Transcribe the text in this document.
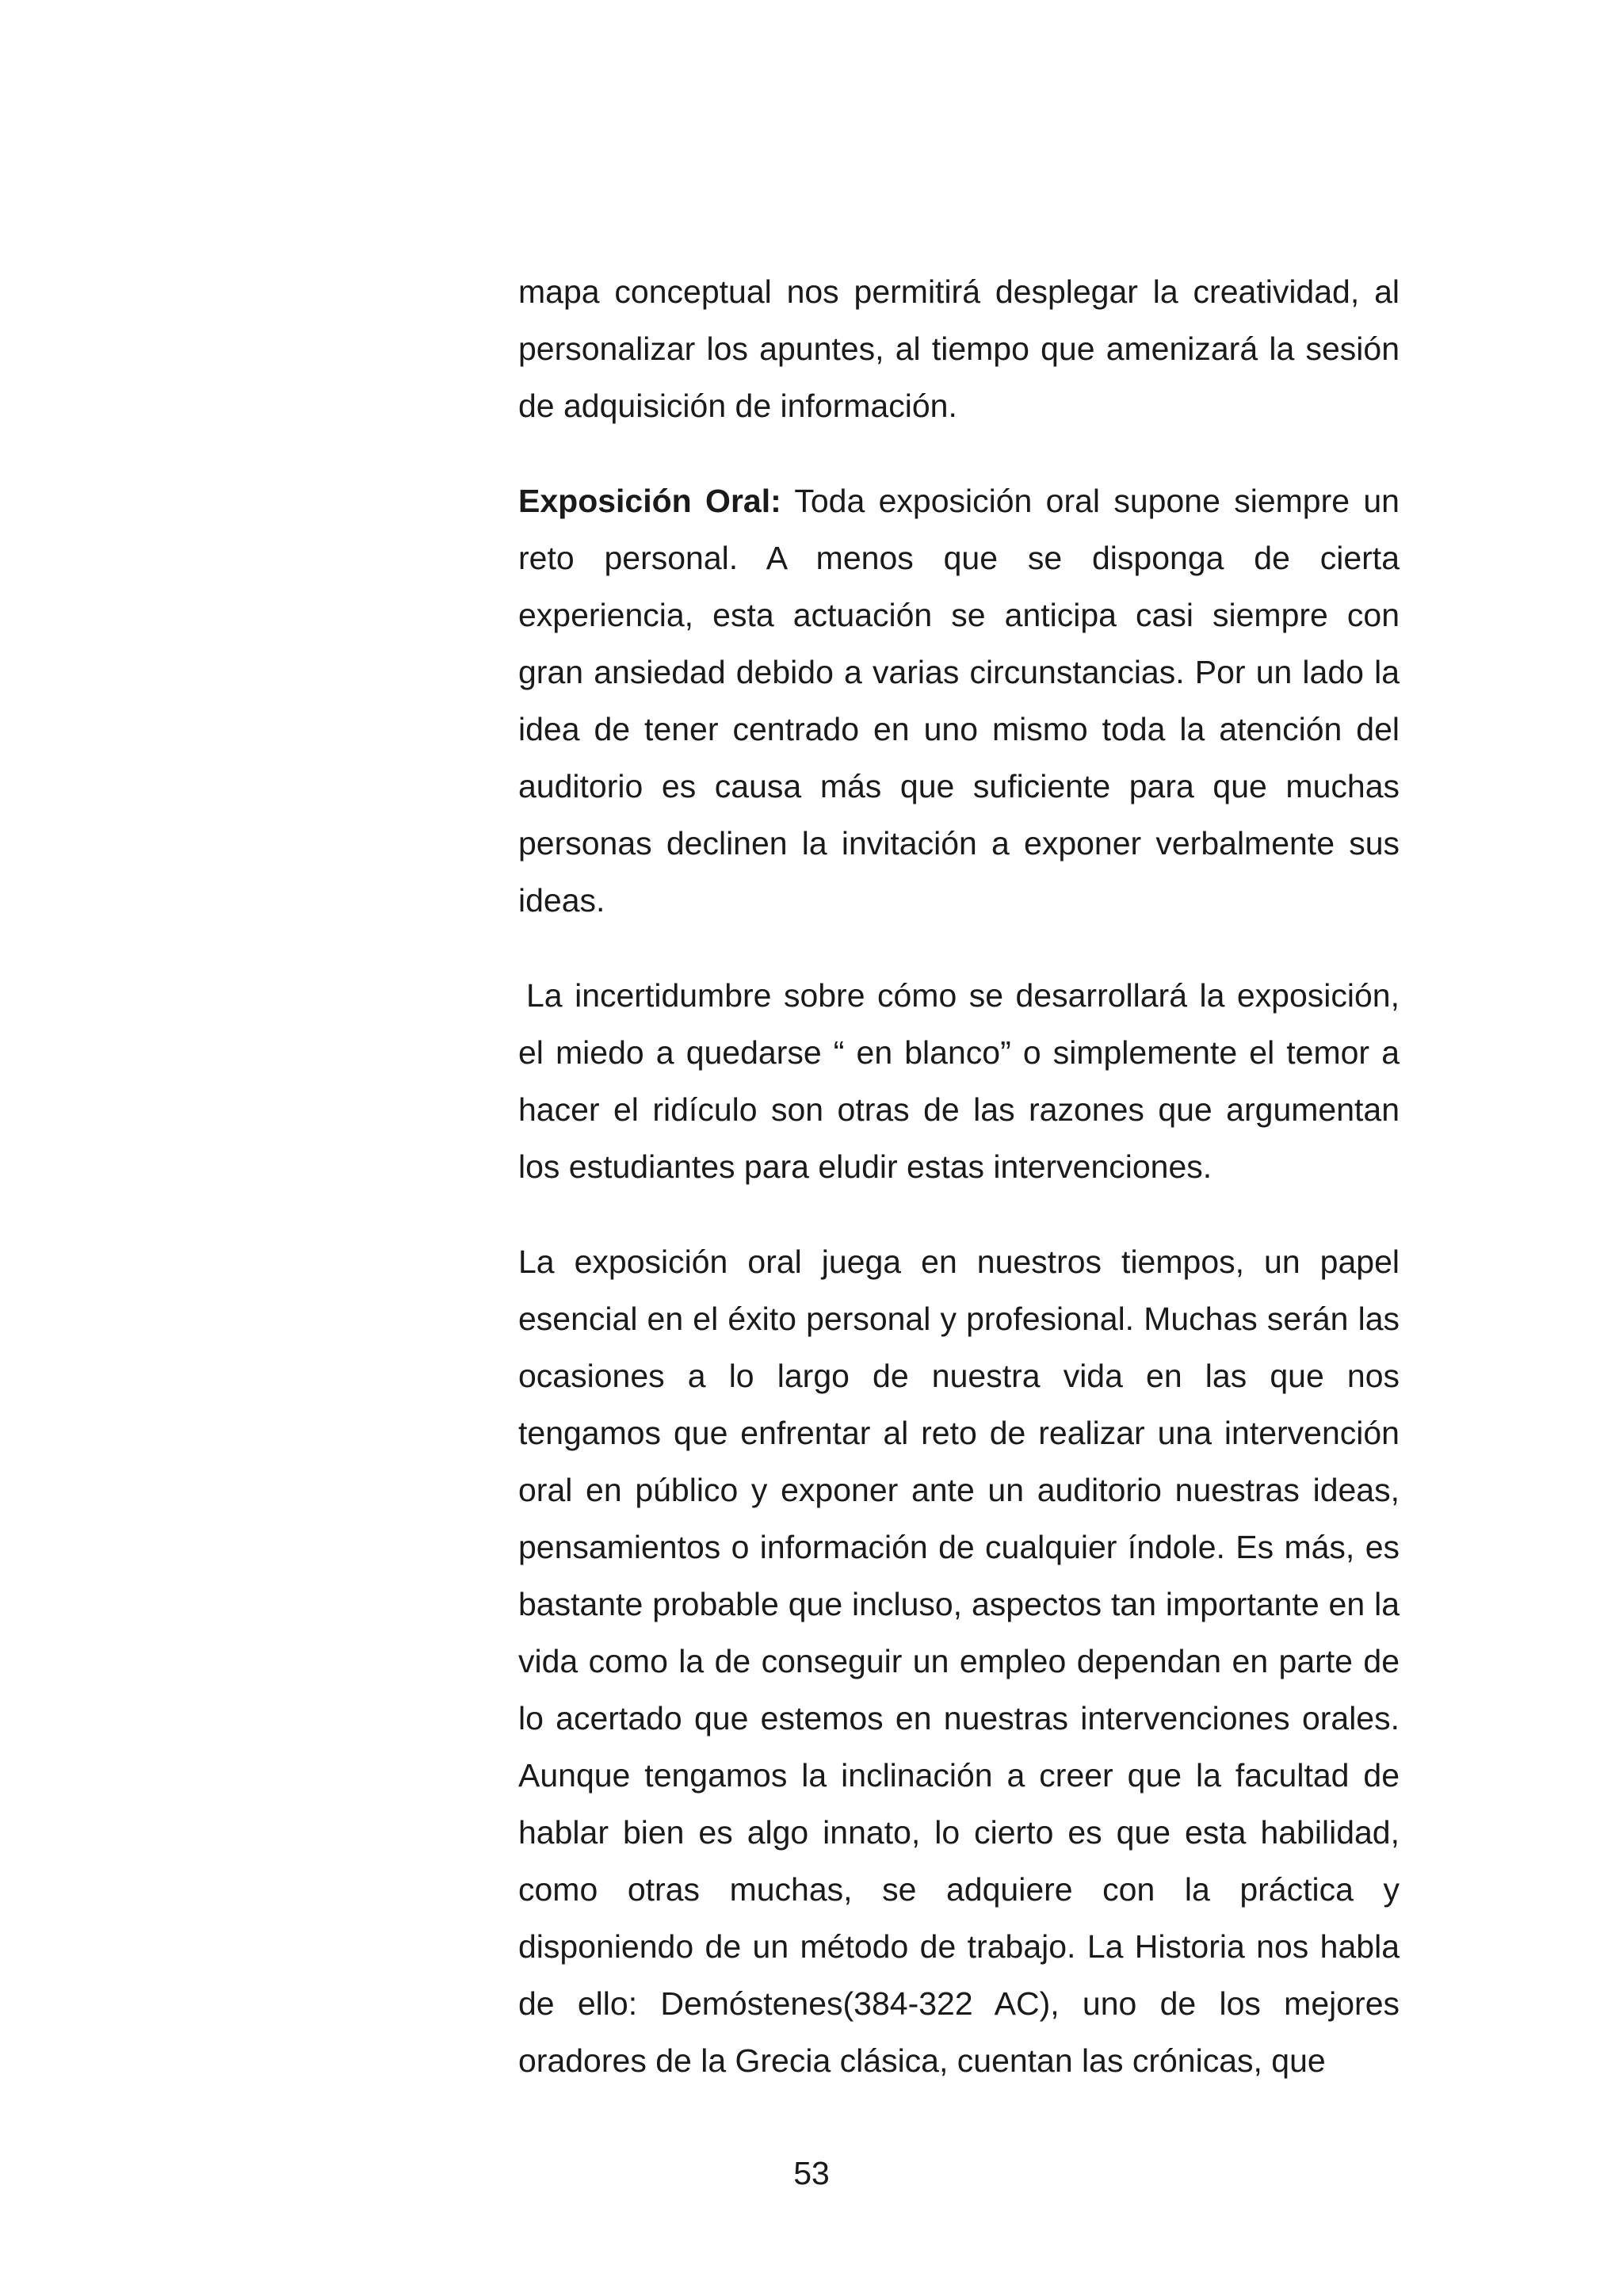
mapa conceptual nos permitirá desplegar la creatividad, al personalizar los apuntes, al tiempo que amenizará la sesión de adquisición de información.

Exposición Oral: Toda exposición oral supone siempre un reto personal. A menos que se disponga de cierta experiencia, esta actuación se anticipa casi siempre con gran ansiedad debido a varias circunstancias. Por un lado la idea de tener centrado en uno mismo toda la atención del auditorio es causa más que suficiente para que muchas personas declinen la invitación a exponer verbalmente sus ideas.

La incertidumbre sobre cómo se desarrollará la exposición, el miedo a quedarse “ en blanco” o simplemente el temor a hacer el ridículo son otras de las razones que argumentan los estudiantes para eludir estas intervenciones.

La exposición oral juega en nuestros tiempos, un papel esencial en el éxito personal y profesional. Muchas serán las ocasiones a lo largo de nuestra vida en las que nos tengamos que enfrentar al reto de realizar una intervención oral en público y exponer ante un auditorio nuestras ideas, pensamientos o información de cualquier índole. Es más, es bastante probable que incluso, aspectos tan importante en la vida como la de conseguir un empleo dependan en parte de lo acertado que estemos en nuestras intervenciones orales. Aunque tengamos la inclinación a creer que la facultad de hablar bien es algo innato, lo cierto es que esta habilidad, como otras muchas, se adquiere con la práctica y disponiendo de un método de trabajo. La Historia nos habla de ello: Demóstenes(384-322 AC), uno de los mejores oradores de la Grecia clásica, cuentan las crónicas, que

53
